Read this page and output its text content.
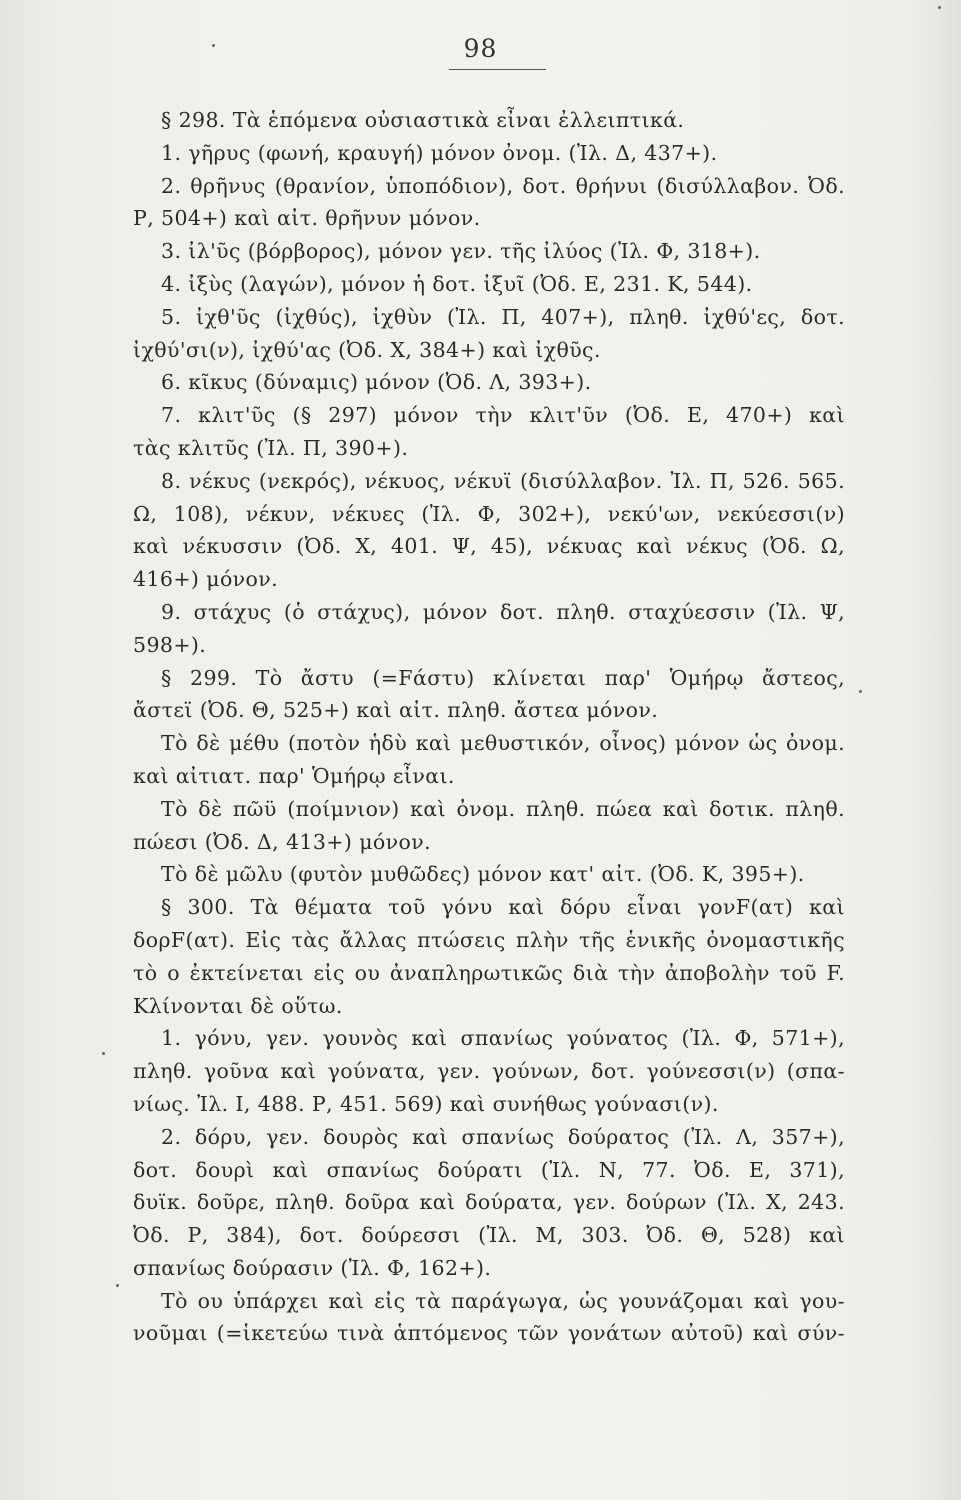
98
§ 298. Τὰ ἑπόμενα οὐσιαστικὰ εἶναι ἐλλειπτικά.
1. γῆρυς (φωνή, κραυγή) μόνον ὀνομ. (Ἰλ. Δ, 437+).
2. θρῆνυς (θρανίον, ὑποπόδιον), δοτ. θρήνυι (δισύλλαβον. Ὀδ.
Ρ, 504+) καὶ αἰτ. θρῆνυν μόνον.
3. ἰλ'ῦς (βόρβορος), μόνον γεν. τῆς ἰλύος (Ἰλ. Φ, 318+).
4. ἰξὺς (λαγών), μόνον ἡ δοτ. ἰξυῖ (Ὀδ. Ε, 231. Κ, 544).
5. ἰχθ'ῦς (ἰχθύς), ἰχθὺν (Ἰλ. Π, 407+), πληθ. ἰχθύ'ες, δοτ.
ἰχθύ'σι(ν), ἰχθύ'ας (Ὀδ. Χ, 384+) καὶ ἰχθῦς.
6. κῖκυς (δύναμις) μόνον (Ὀδ. Λ, 393+).
7. κλιτ'ῦς (§ 297) μόνον τὴν κλιτ'ῦν (Ὀδ. Ε, 470+) καὶ
τὰς κλιτῦς (Ἰλ. Π, 390+).
8. νέκυς (νεκρός), νέκυος, νέκυϊ (δισύλλαβον. Ἰλ. Π, 526. 565.
Ω, 108), νέκυν, νέκυες (Ἰλ. Φ, 302+), νεκύ'ων, νεκύεσσι(ν)
καὶ νέκυσσιν (Ὀδ. Χ, 401. Ψ, 45), νέκυας καὶ νέκυς (Ὀδ. Ω,
416+) μόνον.
9. στάχυς (ὁ στάχυς), μόνον δοτ. πληθ. σταχύεσσιν (Ἰλ. Ψ,
598+).
§ 299. Τὸ ἄστυ (=Fάστυ) κλίνεται παρ' Ὁμήρῳ ἄστεος,
ἄστεϊ (Ὀδ. Θ, 525+) καὶ αἰτ. πληθ. ἄστεα μόνον.
Τὸ δὲ μέθυ (ποτὸν ἡδὺ καὶ μεθυστικόν, οἶνος) μόνον ὡς ὀνομ.
καὶ αἰτιατ. παρ' Ὁμήρῳ εἶναι.
Τὸ δὲ πῶϋ (ποίμνιον) καὶ ὀνομ. πληθ. πώεα καὶ δοτικ. πληθ.
πώεσι (Ὀδ. Δ, 413+) μόνον.
Τὸ δὲ μῶλυ (φυτὸν μυθῶδες) μόνον κατ' αἰτ. (Ὀδ. Κ, 395+).
§ 300. Τὰ θέματα τοῦ γόνυ καὶ δόρυ εἶναι γονF(ατ) καὶ
δορF(ατ). Εἰς τὰς ἄλλας πτώσεις πλὴν τῆς ἑνικῆς ὀνομαστικῆς
τὸ ο ἐκτείνεται εἰς ου ἀναπληρωτικῶς διὰ τὴν ἀποβολὴν τοῦ F.
Κλίνονται δὲ οὕτω.
1. γόνυ, γεν. γουνὸς καὶ σπανίως γούνατος (Ἰλ. Φ, 571+),
πληθ. γοῦνα καὶ γούνατα, γεν. γούνων, δοτ. γούνεσσι(ν) (σπα-
νίως. Ἰλ. Ι, 488. Ρ, 451. 569) καὶ συνήθως γούνασι(ν).
2. δόρυ, γεν. δουρὸς καὶ σπανίως δούρατος (Ἰλ. Λ, 357+),
δοτ. δουρὶ καὶ σπανίως δούρατι (Ἰλ. Ν, 77. Ὀδ. Ε, 371),
δυϊκ. δοῦρε, πληθ. δοῦρα καὶ δούρατα, γεν. δούρων (Ἰλ. Χ, 243.
Ὀδ. Ρ, 384), δοτ. δούρεσσι (Ἰλ. Μ, 303. Ὀδ. Θ, 528) καὶ
σπανίως δούρασιν (Ἰλ. Φ, 162+).
Τὸ ου ὑπάρχει καὶ εἰς τὰ παράγωγα, ὡς γουνάζομαι καὶ γου-
νοῦμαι (=ἱκετεύω τινὰ ἁπτόμενος τῶν γονάτων αὐτοῦ) καὶ σύν-
